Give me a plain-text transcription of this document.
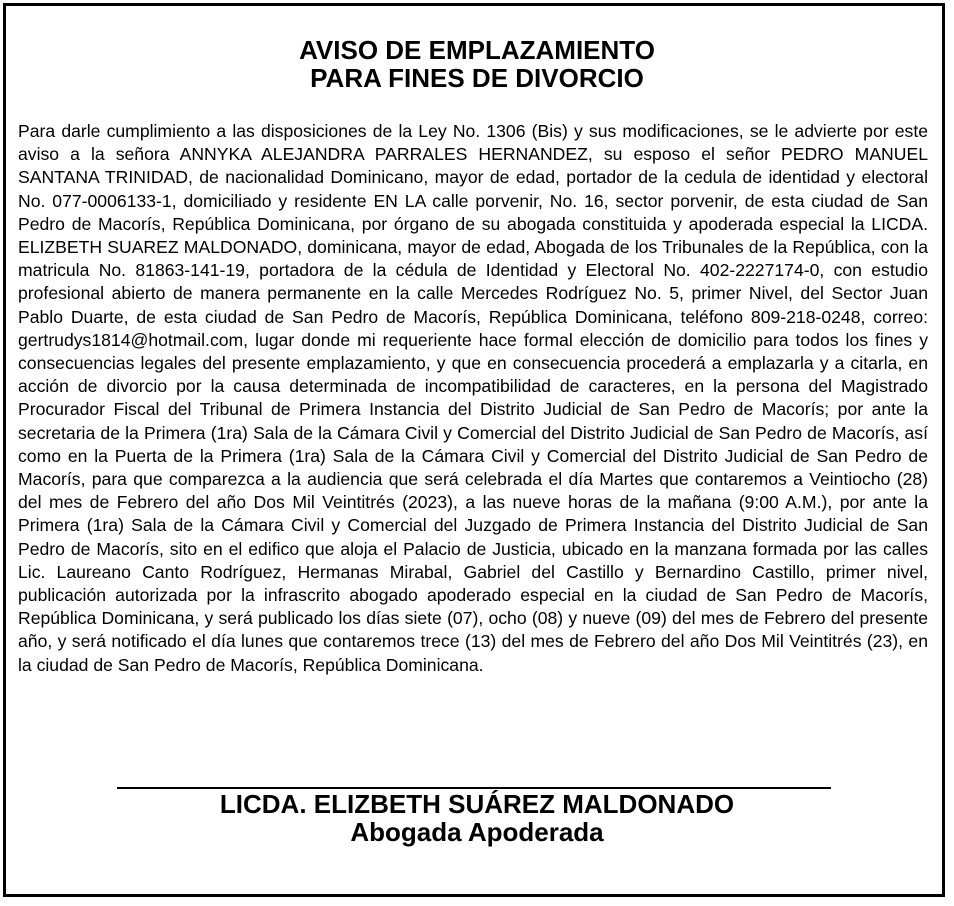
AVISO DE EMPLAZAMIENTO
PARA FINES DE DIVORCIO

Para darle cumplimiento a las disposiciones de la Ley No. 1306 (Bis) y sus modificaciones, se le advierte por este aviso a la señora ANNYKA ALEJANDRA PARRALES HERNANDEZ, su esposo el señor PEDRO MANUEL SANTANA TRINIDAD, de nacionalidad Dominicano, mayor de edad, portador de la cedula de identidad y electoral No. 077-0006133-1, domiciliado y residente EN LA calle porvenir, No. 16, sector porvenir, de esta ciudad de San Pedro de Macorís, República Dominicana, por órgano de su abogada constituida y apoderada especial la LICDA. ELIZBETH SUAREZ MALDONADO, dominicana, mayor de edad, Abogada de los Tribunales de la República, con la matricula No. 81863-141-19, portadora de la cédula de Identidad y Electoral No. 402-2227174-0, con estudio profesional abierto de manera permanente en la calle Mercedes Rodríguez No. 5, primer Nivel, del Sector Juan Pablo Duarte, de esta ciudad de San Pedro de Macorís, República Dominicana, teléfono 809-218-0248, correo: gertrudys1814@hotmail.com, lugar donde mi requeriente hace formal elección de domicilio para todos los fines y consecuencias legales del presente emplazamiento, y que en consecuencia procederá a emplazarla y a citarla, en acción de divorcio por la causa determinada de incompatibilidad de caracteres, en la persona del Magistrado Procurador Fiscal del Tribunal de Primera Instancia del Distrito Judicial de San Pedro de Macorís; por ante la secretaria de la Primera (1ra) Sala de la Cámara Civil y Comercial del Distrito Judicial de San Pedro de Macorís, así como en la Puerta de la Primera (1ra) Sala de la Cámara Civil y Comercial del Distrito Judicial de San Pedro de Macorís, para que comparezca a la audiencia que será celebrada el día Martes que contaremos a Veintiocho (28) del mes de Febrero del año Dos Mil Veintitrés (2023), a las nueve horas de la mañana (9:00 A.M.), por ante la Primera (1ra) Sala de la Cámara Civil y Comercial del Juzgado de Primera Instancia del Distrito Judicial de San Pedro de Macorís, sito en el edifico que aloja el Palacio de Justicia, ubicado en la manzana formada por las calles Lic. Laureano Canto Rodríguez, Hermanas Mirabal, Gabriel del Castillo y Bernardino Castillo, primer nivel, publicación autorizada por la infrascrito abogado apoderado especial en la ciudad de San Pedro de Macorís, República Dominicana, y será publicado los días siete (07), ocho (08) y nueve (09) del mes de Febrero del presente año, y será notificado el día lunes que contaremos trece (13) del mes de Febrero del año Dos Mil Veintitrés (23), en la ciudad de San Pedro de Macorís, República Dominicana.

LICDA. ELIZBETH SUÁREZ MALDONADO
Abogada Apoderada
